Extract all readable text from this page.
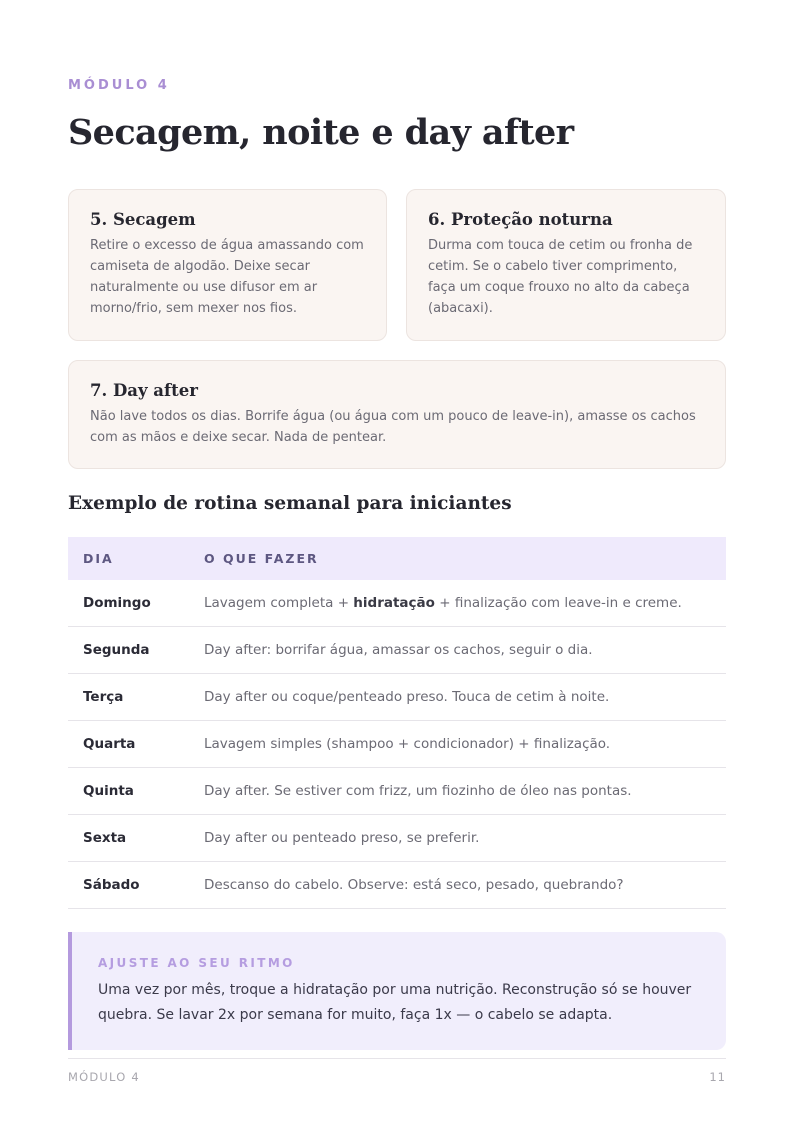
MÓDULO 4
Secagem, noite e day after
5. Secagem

Retire o excesso de água amassando com camiseta de algodão. Deixe secar naturalmente ou use difusor em ar morno/frio, sem mexer nos fios.

6. Proteção noturna

Durma com touca de cetim ou fronha de cetim. Se o cabelo tiver comprimento, faça um coque frouxo no alto da cabeça (abacaxi).

7. Day after

Não lave todos os dias. Borrife água (ou água com um pouco de leave-in), amasse os cachos com as mãos e deixe secar. Nada de pentear.

Exemplo de rotina semanal para iniciantes
DIA	O QUE FAZER
Domingo	Lavagem completa + hidratação + finalização com leave-in e creme.
Segunda	Day after: borrifar água, amassar os cachos, seguir o dia.
Terça	Day after ou coque/penteado preso. Touca de cetim à noite.
Quarta	Lavagem simples (shampoo + condicionador) + finalização.
Quinta	Day after. Se estiver com frizz, um fiozinho de óleo nas pontas.
Sexta	Day after ou penteado preso, se preferir.
Sábado	Descanso do cabelo. Observe: está seco, pesado, quebrando?
AJUSTE AO SEU RITMO
Uma vez por mês, troque a hidratação por uma nutrição. Reconstrução só se houver quebra. Se lavar 2x por semana for muito, faça 1x — o cabelo se adapta.
MÓDULO 4	11
